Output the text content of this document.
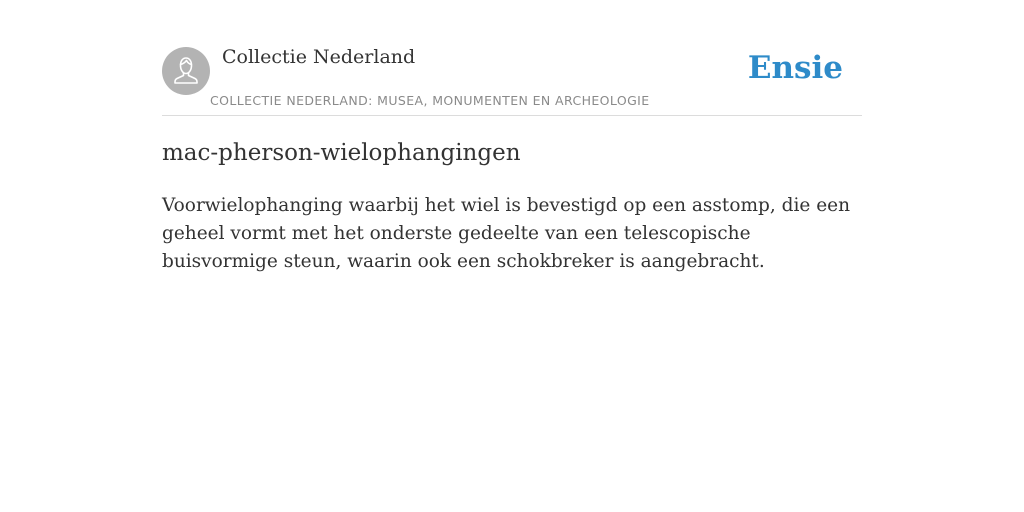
Collectie Nederland
COLLECTIE NEDERLAND: MUSEA, MONUMENTEN EN ARCHEOLOGIE
Ensie
mac-pherson-wielophangingen

Voorwielophanging waarbij het wiel is bevestigd op een asstomp, die een geheel vormt met het onderste gedeelte van een telescopische buisvormige steun, waarin ook een schokbreker is aangebracht.
